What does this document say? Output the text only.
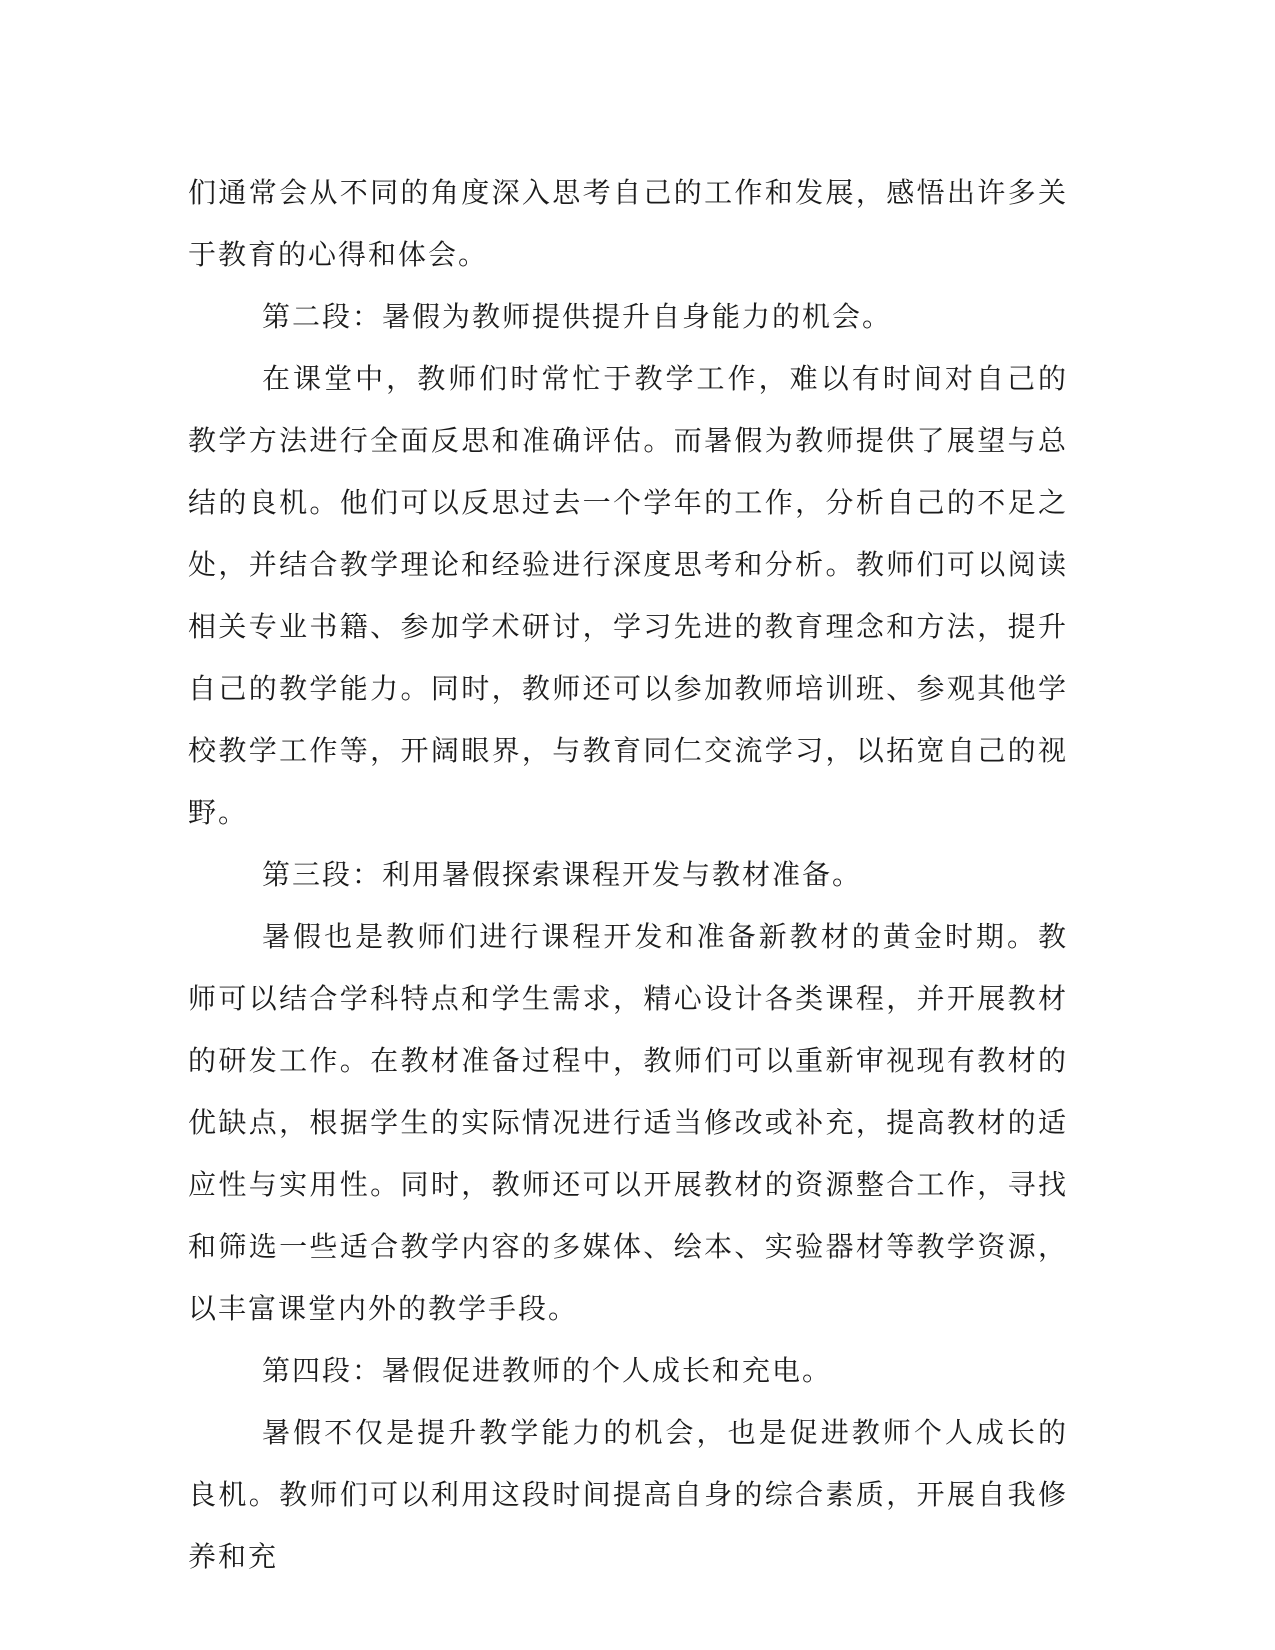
们通常会从不同的角度深入思考自己的工作和发展，感悟出许多关于教育的心得和体会。

第二段：暑假为教师提供提升自身能力的机会。

在课堂中，教师们时常忙于教学工作，难以有时间对自己的教学方法进行全面反思和准确评估。而暑假为教师提供了展望与总结的良机。他们可以反思过去一个学年的工作，分析自己的不足之处，并结合教学理论和经验进行深度思考和分析。教师们可以阅读相关专业书籍、参加学术研讨，学习先进的教育理念和方法，提升自己的教学能力。同时，教师还可以参加教师培训班、参观其他学校教学工作等，开阔眼界，与教育同仁交流学习，以拓宽自己的视野。

第三段：利用暑假探索课程开发与教材准备。

暑假也是教师们进行课程开发和准备新教材的黄金时期。教师可以结合学科特点和学生需求，精心设计各类课程，并开展教材的研发工作。在教材准备过程中，教师们可以重新审视现有教材的优缺点，根据学生的实际情况进行适当修改或补充，提高教材的适应性与实用性。同时，教师还可以开展教材的资源整合工作，寻找和筛选一些适合教学内容的多媒体、绘本、实验器材等教学资源，以丰富课堂内外的教学手段。

第四段：暑假促进教师的个人成长和充电。

暑假不仅是提升教学能力的机会，也是促进教师个人成长的良机。教师们可以利用这段时间提高自身的综合素质，开展自我修养和充
